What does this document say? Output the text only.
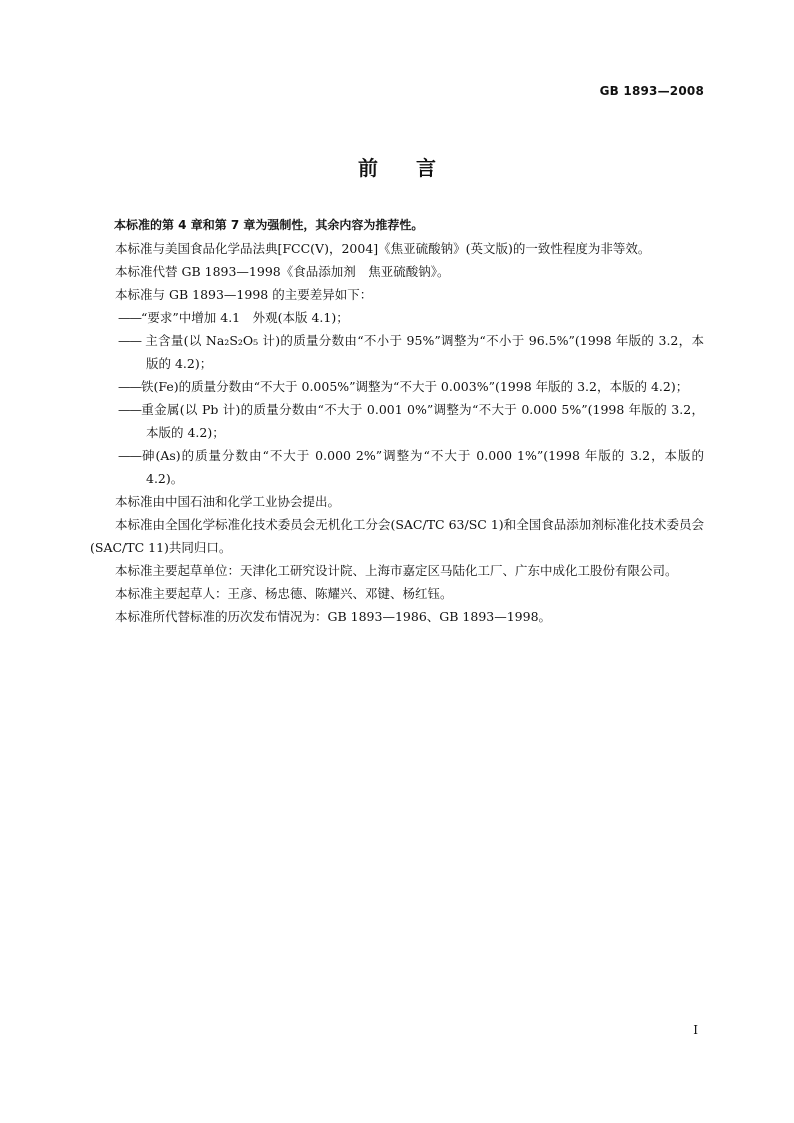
GB 1893—2008
前言

本标准的第 4 章和第 7 章为强制性，其余内容为推荐性。

本标准与美国食品化学品法典[FCC(V)，2004]《焦亚硫酸钠》(英文版)的一致性程度为非等效。

本标准代替 GB 1893—1998《食品添加剂　焦亚硫酸钠》。

本标准与 GB 1893—1998 的主要差异如下：

——“要求”中增加 4.1　外观(本版 4.1)；

—— 主含量(以 Na₂S₂O₅ 计)的质量分数由“不小于 95%”调整为“不小于 96.5%”(1998 年版的 3.2，本版的 4.2)；

——铁(Fe)的质量分数由“不大于 0.005%”调整为“不大于 0.003%”(1998 年版的 3.2，本版的 4.2)；

——重金属(以 Pb 计)的质量分数由“不大于 0.001 0%”调整为“不大于 0.000 5%”(1998 年版的 3.2，本版的 4.2)；

——砷(As)的质量分数由“不大于 0.000 2%”调整为“不大于 0.000 1%”(1998 年版的 3.2，本版的 4.2)。

本标准由中国石油和化学工业协会提出。

本标准由全国化学标准化技术委员会无机化工分会(SAC/TC 63/SC 1)和全国食品添加剂标准化技术委员会(SAC/TC 11)共同归口。

本标准主要起草单位：天津化工研究设计院、上海市嘉定区马陆化工厂、广东中成化工股份有限公司。

本标准主要起草人：王彦、杨忠德、陈耀兴、邓键、杨红钰。

本标准所代替标准的历次发布情况为：GB 1893—1986、GB 1893—1998。

I
